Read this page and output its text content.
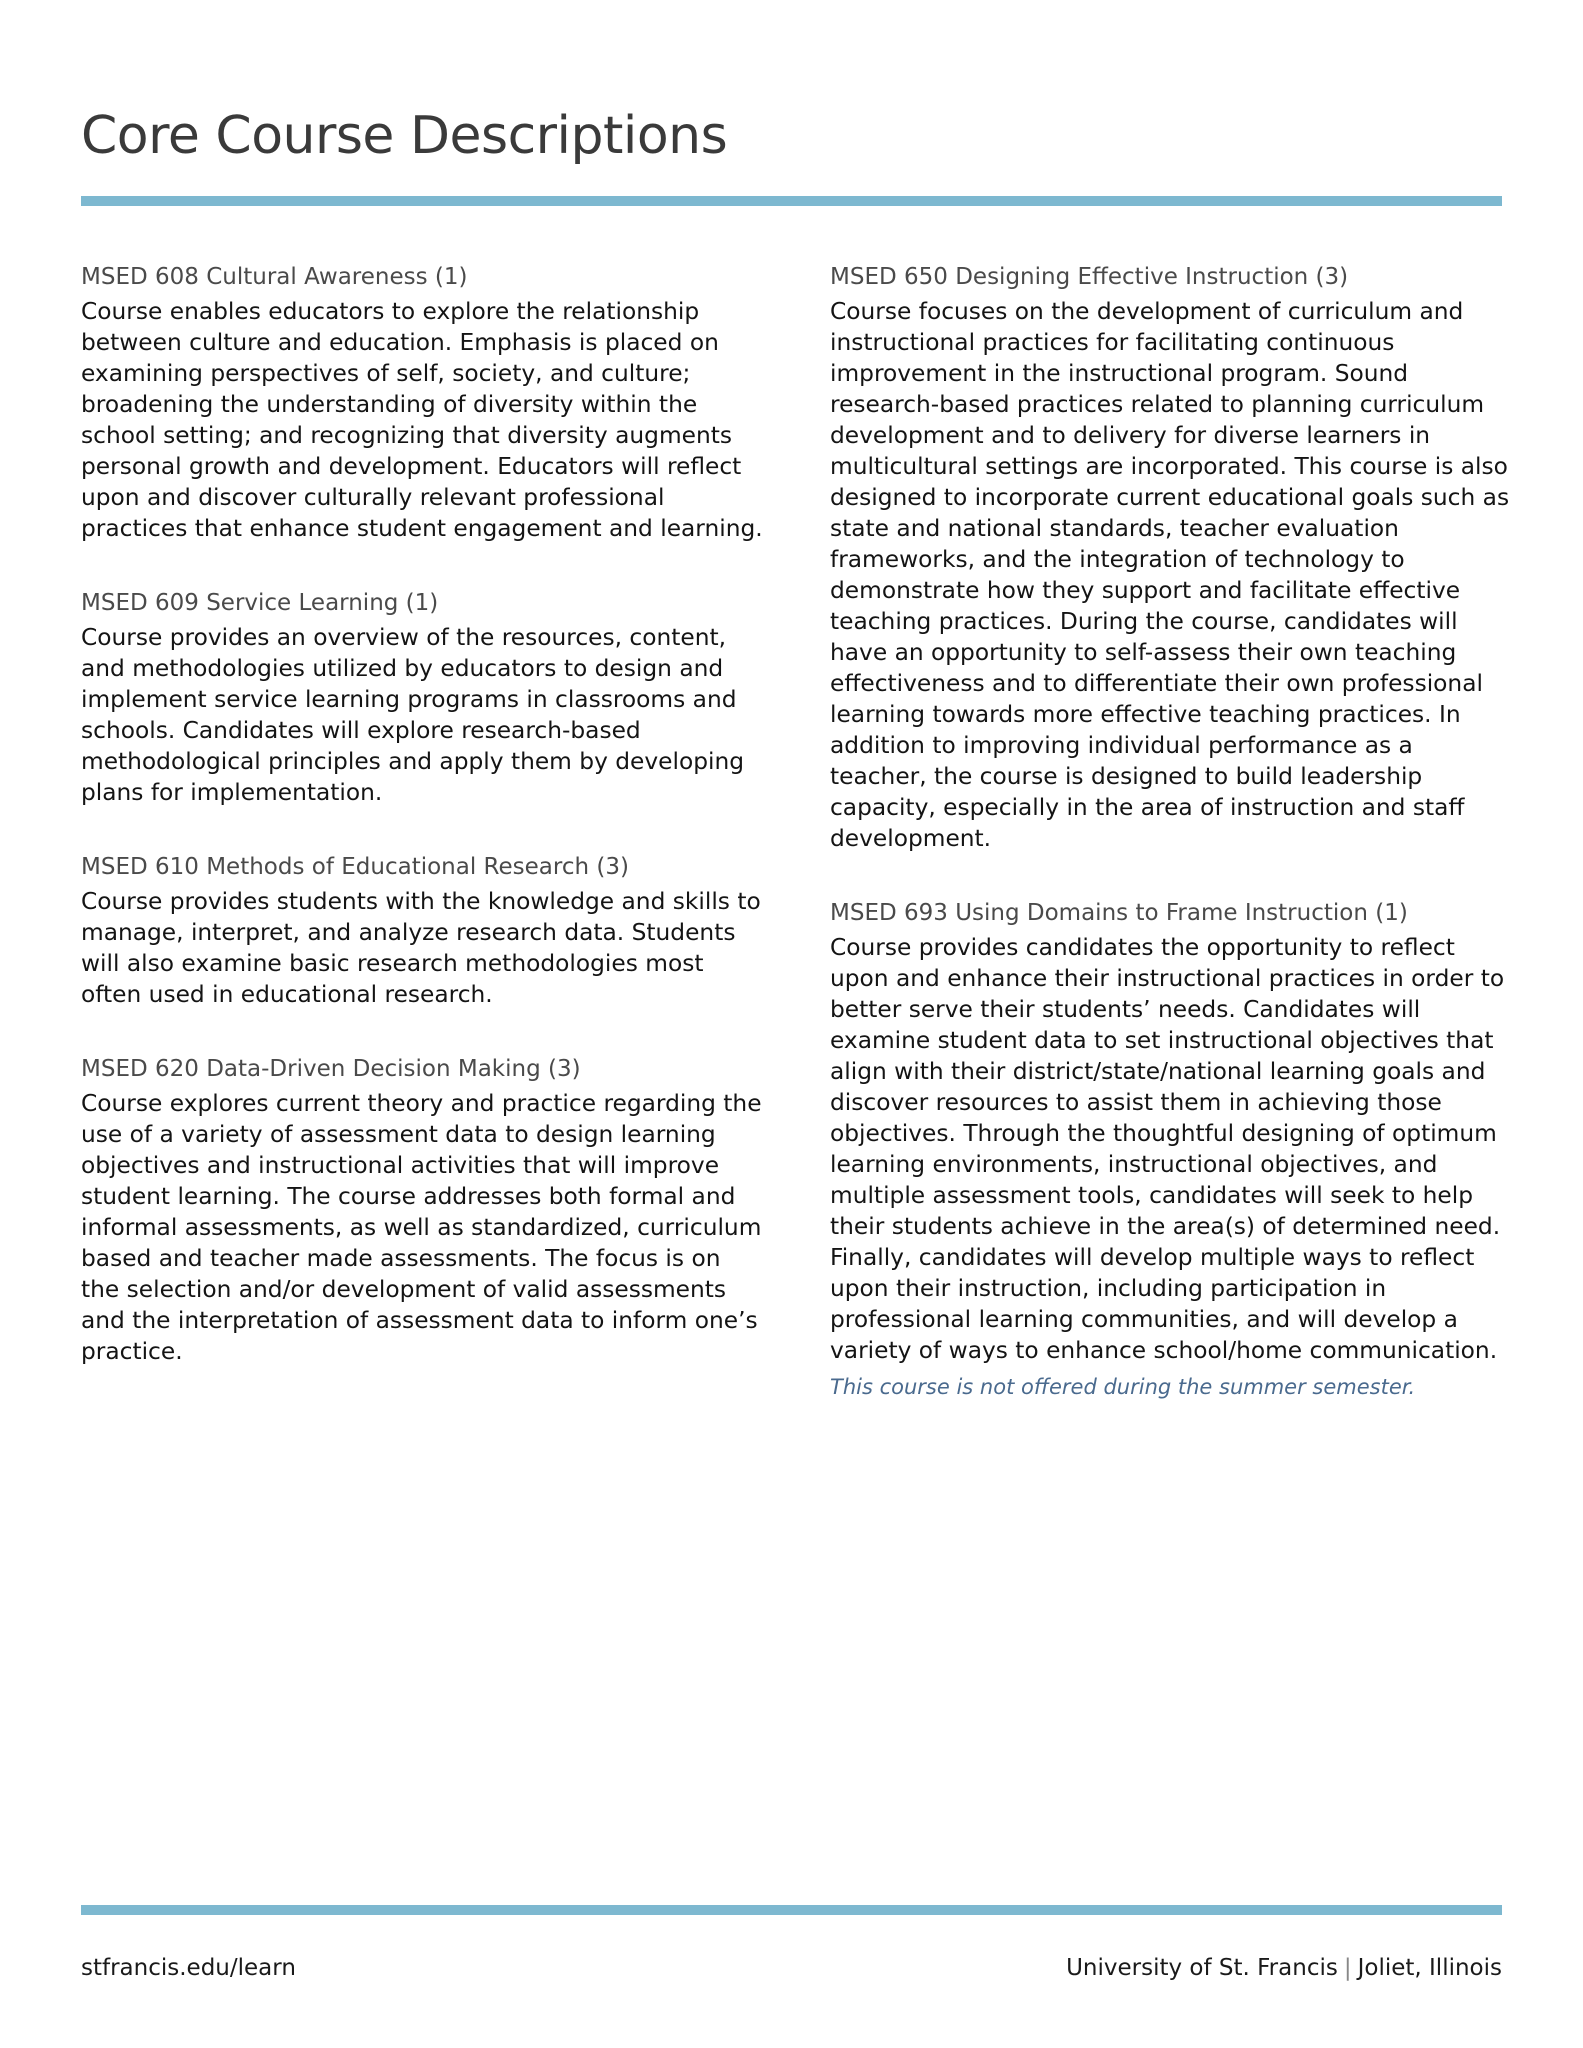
Core Course Descriptions

MSED 608 Cultural Awareness (1)

Course enables educators to explore the relationship between culture and education. Emphasis is placed on examining perspectives of self, society, and culture; broadening the understanding of diversity within the school setting; and recognizing that diversity augments personal growth and development. Educators will reflect upon and discover culturally relevant professional practices that enhance student engagement and learning.

MSED 609 Service Learning (1)

Course provides an overview of the resources, content, and methodologies utilized by educators to design and implement service learning programs in classrooms and schools. Candidates will explore research-based methodological principles and apply them by developing plans for implementation.

MSED 610 Methods of Educational Research (3)

Course provides students with the knowledge and skills to manage, interpret, and analyze research data. Students will also examine basic research methodologies most often used in educational research.

MSED 620 Data-Driven Decision Making (3)

Course explores current theory and practice regarding the use of a variety of assessment data to design learning objectives and instructional activities that will improve student learning. The course addresses both formal and informal assessments, as well as standardized, curriculum based and teacher made assessments. The focus is on the selection and/or development of valid assessments and the interpretation of assessment data to inform one’s practice.

MSED 650 Designing Effective Instruction (3)

Course focuses on the development of curriculum and instructional practices for facilitating continuous improvement in the instructional program. Sound research-based practices related to planning curriculum development and to delivery for diverse learners in multicultural settings are incorporated. This course is also designed to incorporate current educational goals such as state and national standards, teacher evaluation frameworks, and the integration of technology to demonstrate how they support and facilitate effective teaching practices. During the course, candidates will have an opportunity to self-assess their own teaching effectiveness and to differentiate their own professional learning towards more effective teaching practices. In addition to improving individual performance as a teacher, the course is designed to build leadership capacity, especially in the area of instruction and staff development.

MSED 693 Using Domains to Frame Instruction (1)

Course provides candidates the opportunity to reflect upon and enhance their instructional practices in order to better serve their students’ needs. Candidates will examine student data to set instructional objectives that align with their district/state/national learning goals and discover resources to assist them in achieving those objectives. Through the thoughtful designing of optimum learning environments, instructional objectives, and multiple assessment tools, candidates will seek to help their students achieve in the area(s) of determined need. Finally, candidates will develop multiple ways to reflect upon their instruction, including participation in professional learning communities, and will develop a variety of ways to enhance school/home communication.

This course is not offered during the summer semester.

stfrancis.edu/learn	University of St. Francis | Joliet, Illinois
